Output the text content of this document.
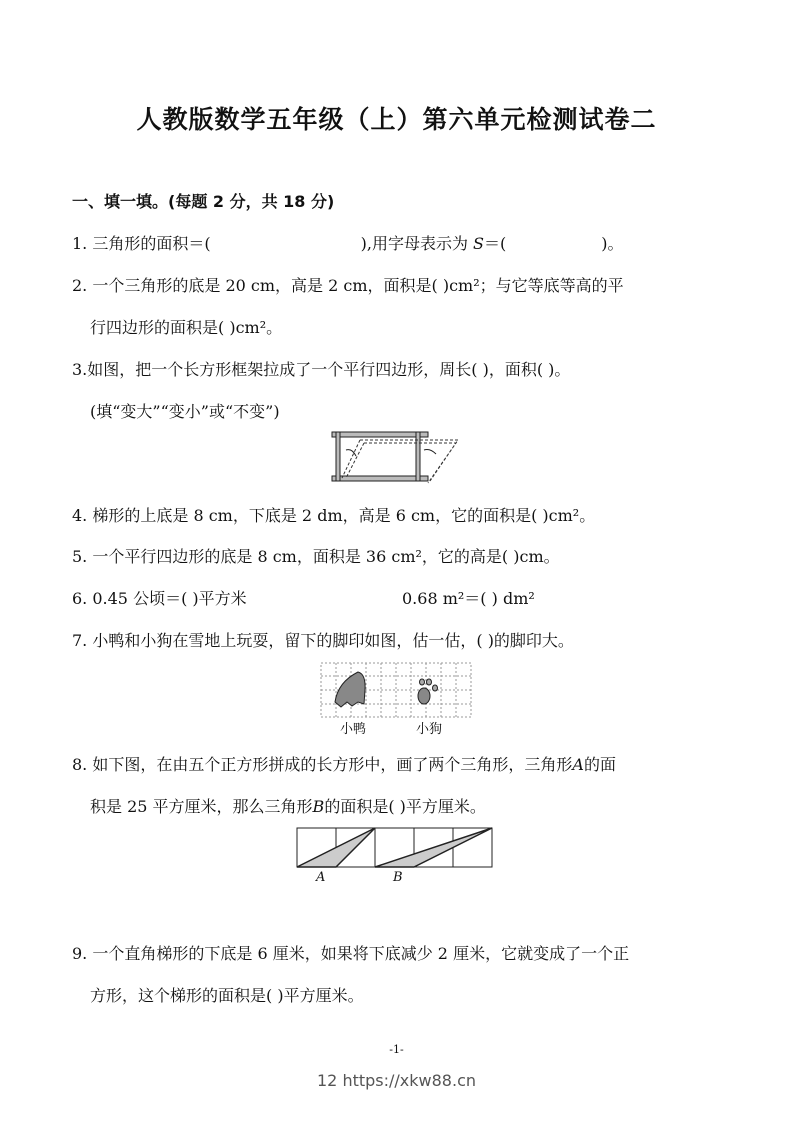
人教版数学五年级（上）第六单元检测试卷二
一、填一填。(每题 2 分，共 18 分)
1. 三角形的面积＝(	),用字母表示为 S＝(	)。
2. 一个三角形的底是 20 cm，高是 2 cm，面积是( )cm²；与它等底等高的平
行四边形的面积是( )cm²。
3.如图，把一个长方形框架拉成了一个平行四边形，周长( )，面积( )。
(填“变大”“变小”或“不变”)
4. 梯形的上底是 8 cm，下底是 2 dm，高是 6 cm，它的面积是( )cm²。
5. 一个平行四边形的底是 8 cm，面积是 36 cm²，它的高是( )cm。
6. 0.45 公顷＝( )平方米	0.68 m²＝( ) dm²
7. 小鸭和小狗在雪地上玩耍，留下的脚印如图，估一估，( )的脚印大。
小鸭	小狗
8. 如下图，在由五个正方形拼成的长方形中，画了两个三角形，三角形A的面
积是 25 平方厘米，那么三角形B的面积是( )平方厘米。
A	B
9. 一个直角梯形的下底是 6 厘米，如果将下底减少 2 厘米，它就变成了一个正
方形，这个梯形的面积是( )平方厘米。
-1-
12 https://xkw88.cn
